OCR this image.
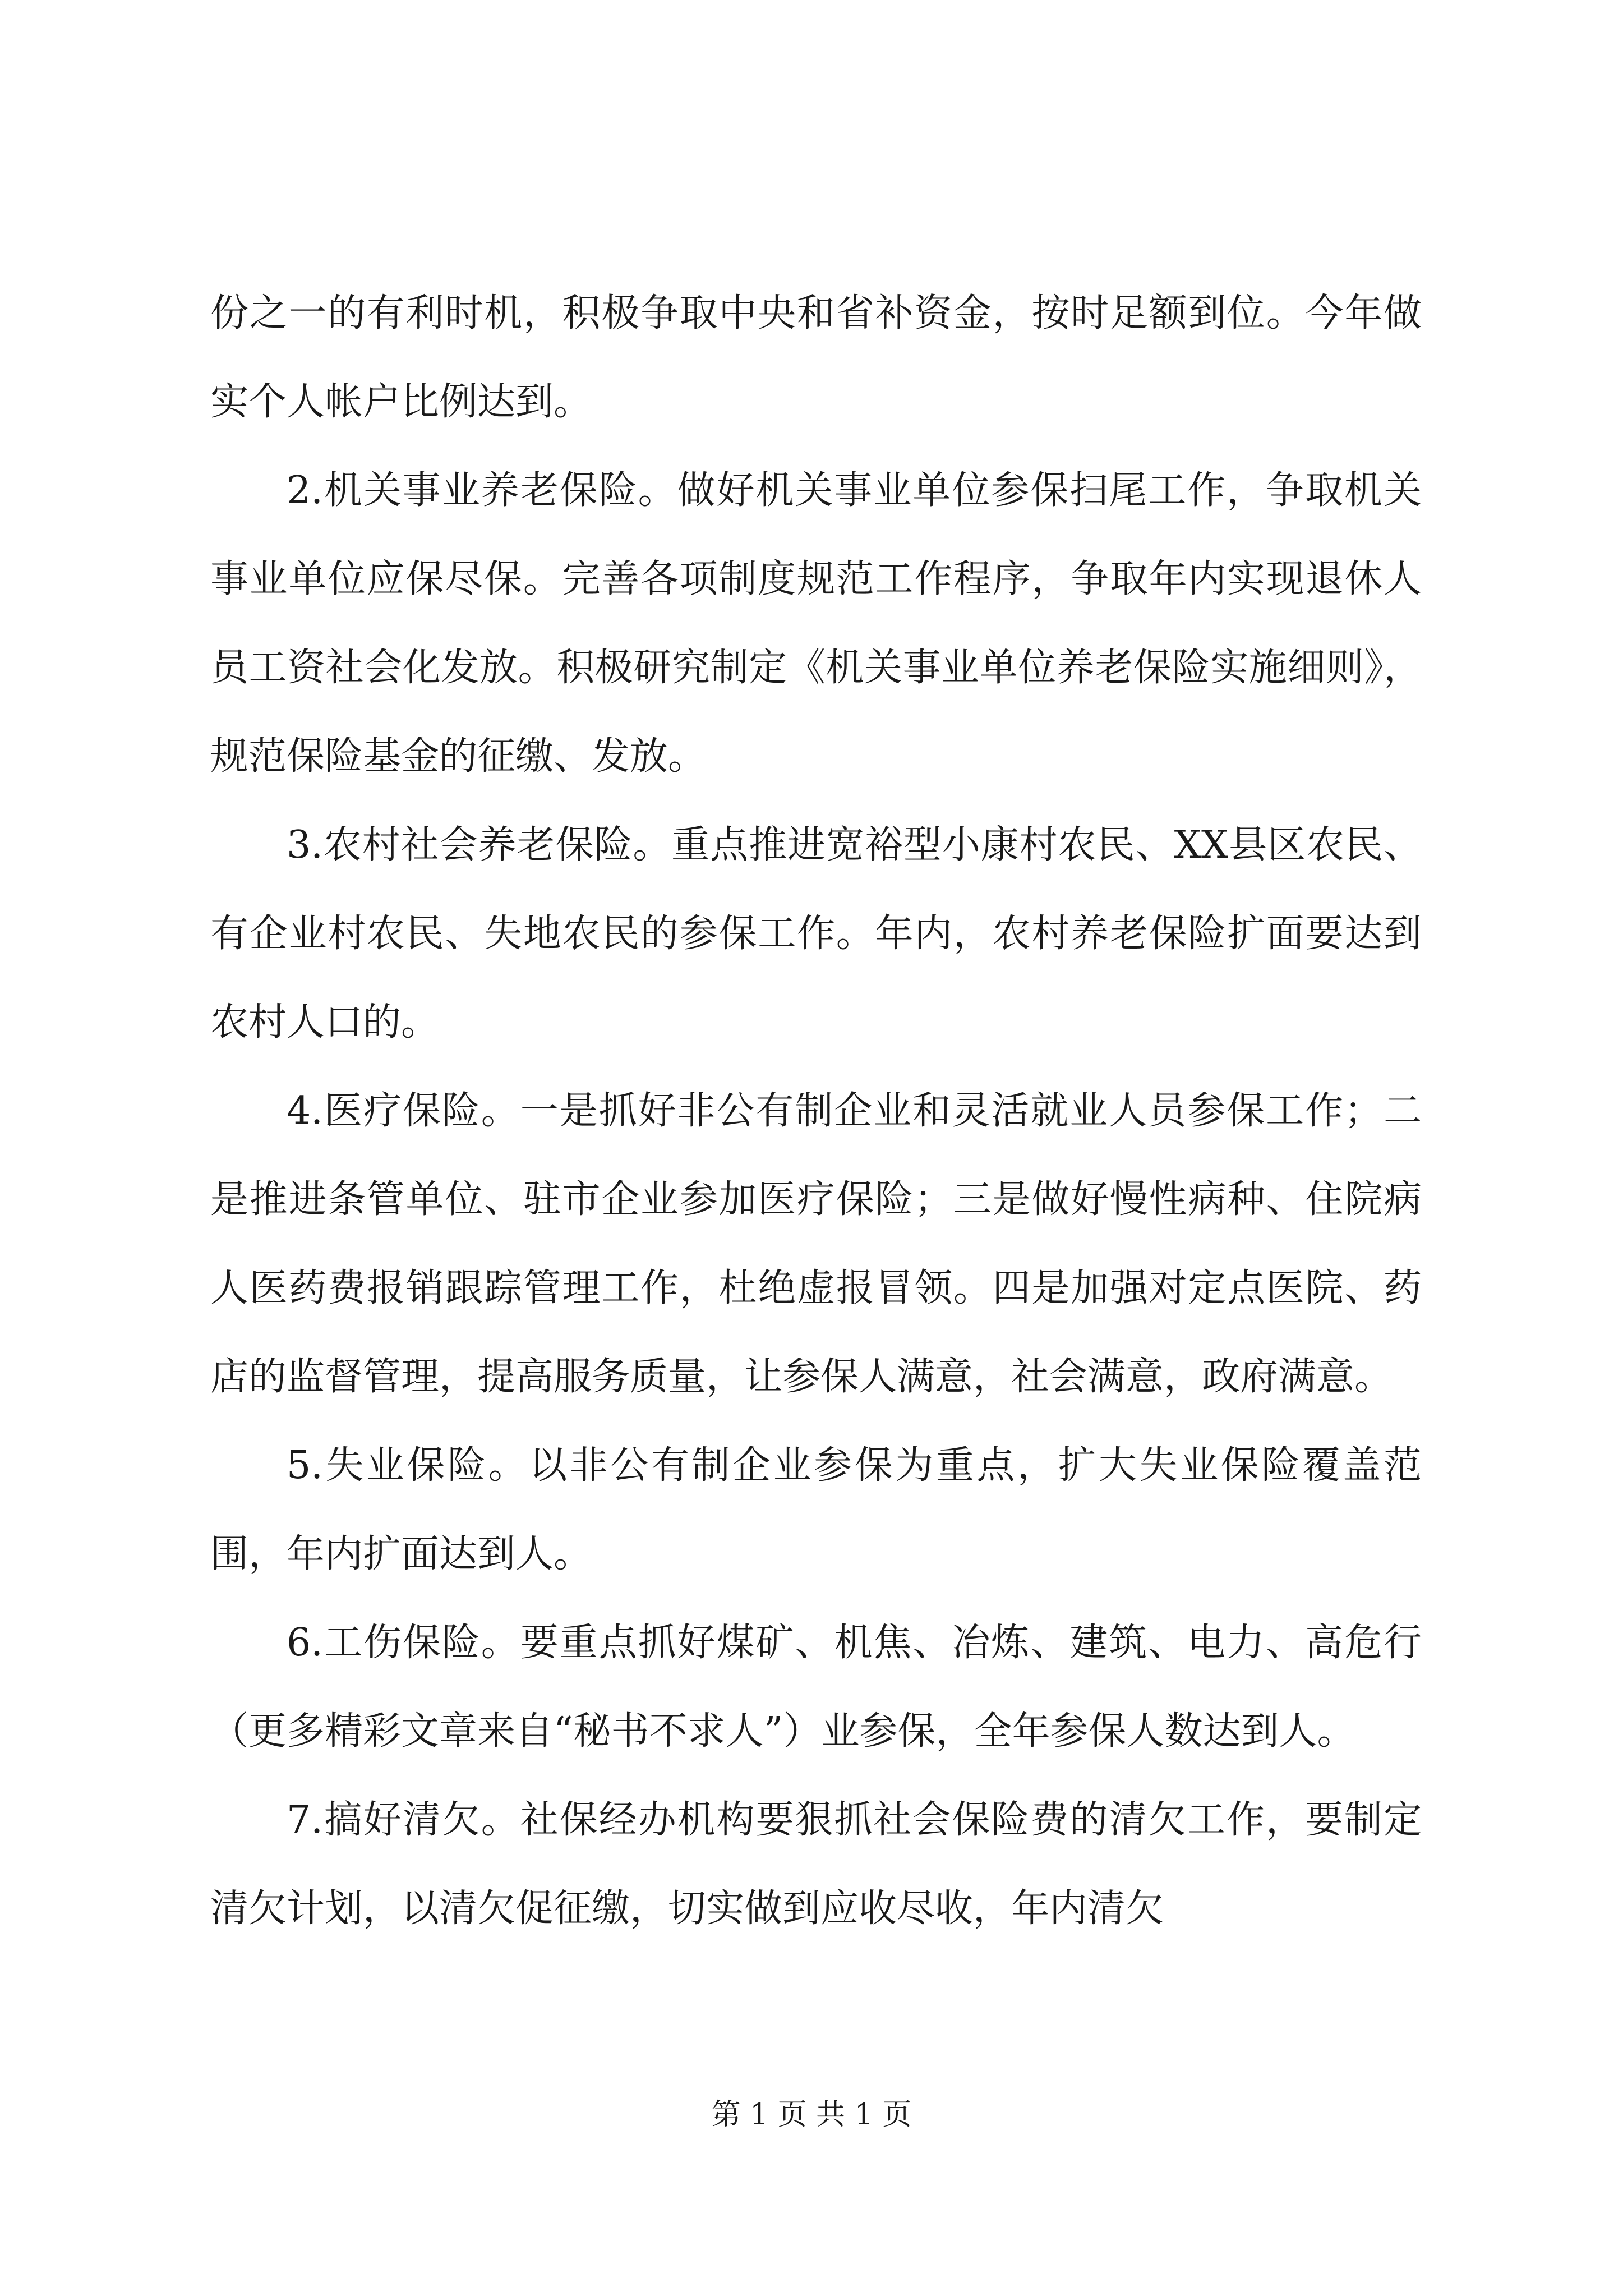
份之一的有利时机，积极争取中央和省补资金，按时足额到位。今年做实个人帐户比例达到。

2.机关事业养老保险。做好机关事业单位参保扫尾工作，争取机关事业单位应保尽保。完善各项制度规范工作程序，争取年内实现退休人员工资社会化发放。积极研究制定《机关事业单位养老保险实施细则》，规范保险基金的征缴、发放。

3.农村社会养老保险。重点推进宽裕型小康村农民、XX县区农民、有企业村农民、失地农民的参保工作。年内，农村养老保险扩面要达到农村人口的。

4.医疗保险。一是抓好非公有制企业和灵活就业人员参保工作；二是推进条管单位、驻市企业参加医疗保险；三是做好慢性病种、住院病人医药费报销跟踪管理工作，杜绝虚报冒领。四是加强对定点医院、药店的监督管理，提高服务质量，让参保人满意，社会满意，政府满意。

5.失业保险。以非公有制企业参保为重点，扩大失业保险覆盖范围，年内扩面达到人。

6.工伤保险。要重点抓好煤矿、机焦、冶炼、建筑、电力、高危行（更多精彩文章来自“秘书不求人”）业参保，全年参保人数达到人。

7.搞好清欠。社保经办机构要狠抓社会保险费的清欠工作，要制定清欠计划，以清欠促征缴，切实做到应收尽收，年内清欠

第 1 页 共 1 页
